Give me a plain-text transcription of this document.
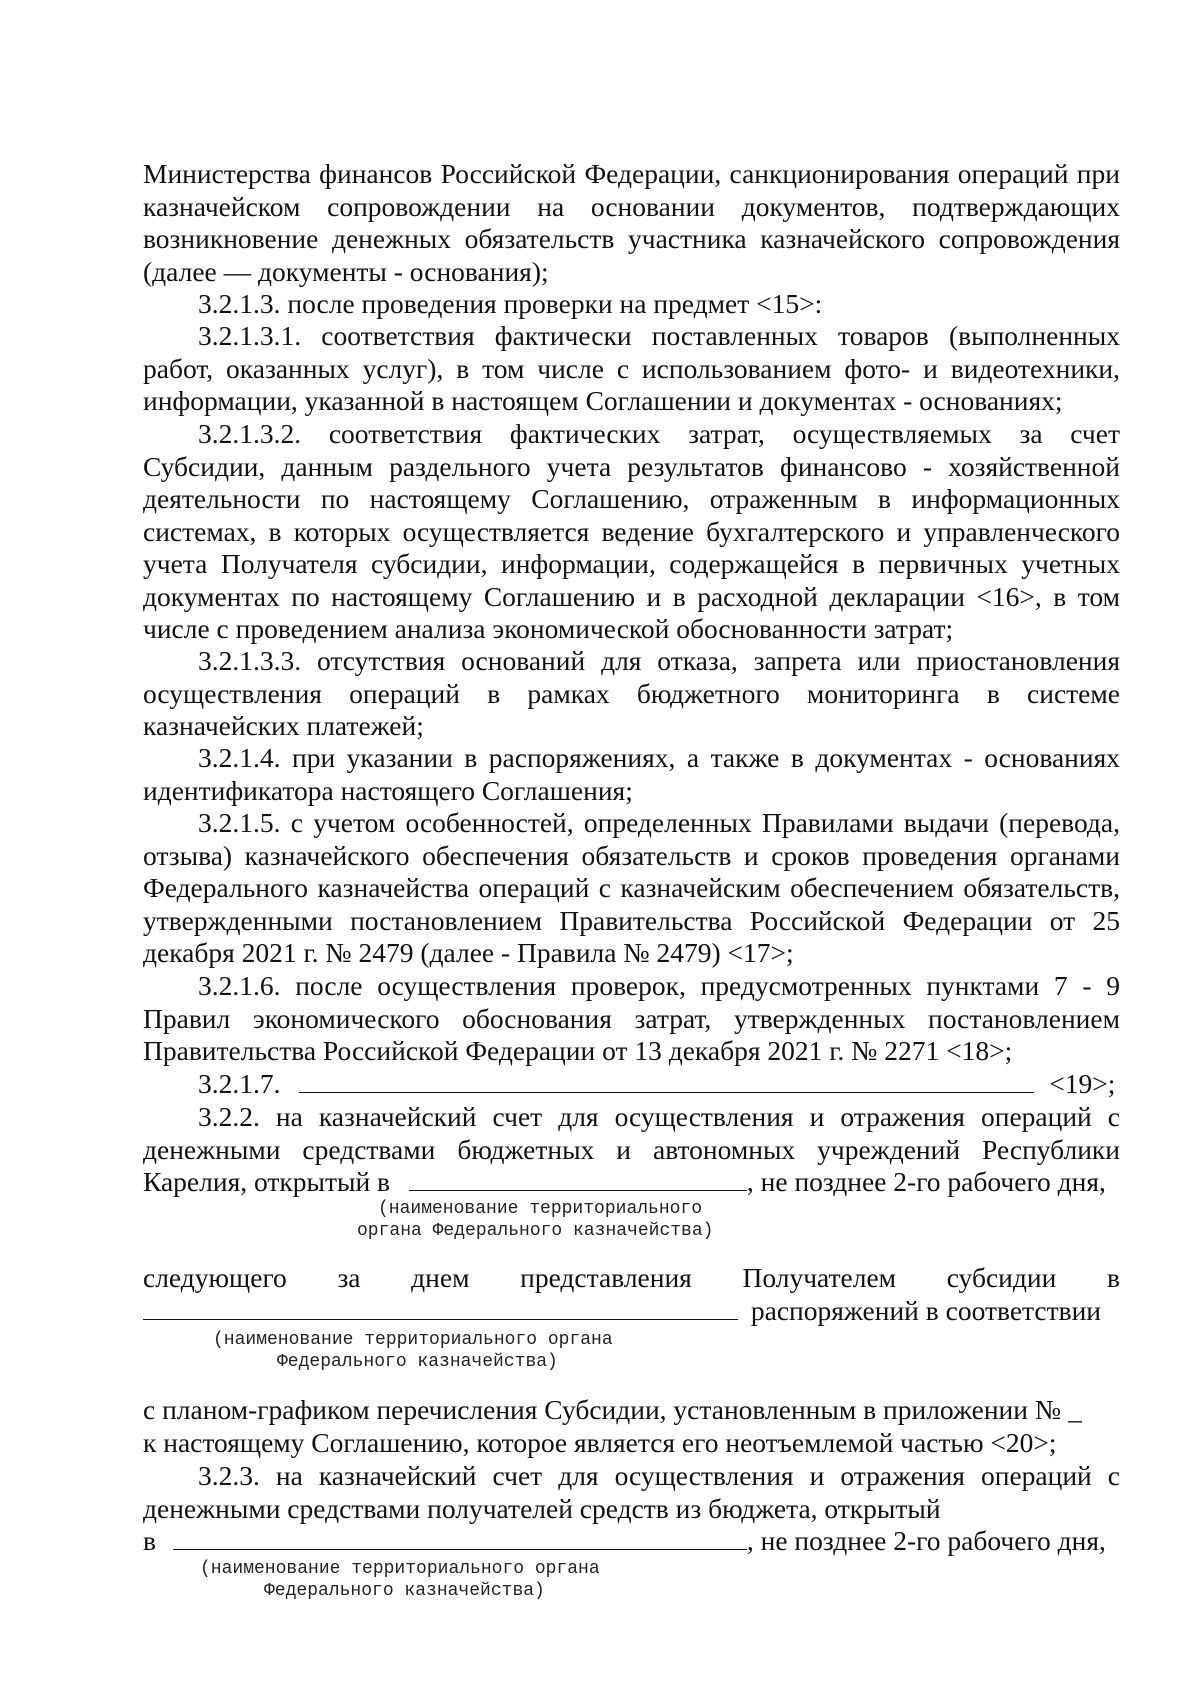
Министерства финансов Российской Федерации, санкционирования операций при казначейском сопровождении на основании документов, подтверждающих возникновение денежных обязательств участника казначейского сопровождения (далее — документы - основания);

3.2.1.3. после проведения проверки на предмет <15>:

3.2.1.3.1. соответствия фактически поставленных товаров (выполненных работ, оказанных услуг), в том числе с использованием фото- и видеотехники, информации, указанной в настоящем Соглашении и документах - основаниях;

3.2.1.3.2. соответствия фактических затрат, осуществляемых за счет Субсидии, данным раздельного учета результатов финансово - хозяйственной деятельности по настоящему Соглашению, отраженным в информационных системах, в которых осуществляется ведение бухгалтерского и управленческого учета Получателя субсидии, информации, содержащейся в первичных учетных документах по настоящему Соглашению и в расходной декларации <16>, в том числе с проведением анализа экономической обоснованности затрат;

3.2.1.3.3. отсутствия оснований для отказа, запрета или приостановления осуществления операций в рамках бюджетного мониторинга в системе казначейских платежей;

3.2.1.4. при указании в распоряжениях, а также в документах - основаниях идентификатора настоящего Соглашения;

3.2.1.5. с учетом особенностей, определенных Правилами выдачи (перевода, отзыва) казначейского обеспечения обязательств и сроков проведения органами Федерального казначейства операций с казначейским обеспечением обязательств, утвержденными постановлением Правительства Российской Федерации от 25 декабря 2021 г. № 2479 (далее - Правила № 2479) <17>;

3.2.1.6. после осуществления проверок, предусмотренных пунктами 7 - 9 Правил экономического обоснования затрат, утвержденных постановлением Правительства Российской Федерации от 13 декабря 2021 г. № 2271 <18>;

3.2.1.7.	<19>;

3.2.2. на казначейский счет для осуществления и отражения операций с денежными средствами бюджетных и автономных учреждений Республики

Карелия, открытый в	, не позднее 2-го рабочего дня,
(наименование территориального
органа Федерального казначейства)
следующего за днем представления Получателем субсидии в
распоряжений в соответствии
(наименование территориального органа
Федерального казначейства)
с планом-графиком перечисления Субсидии, установленным в приложении № _
к настоящему Соглашению, которое является его неотъемлемой частью <20>;

3.2.3. на казначейский счет для осуществления и отражения операций с денежными средствами получателей средств из бюджета, открытый

в	, не позднее 2-го рабочего дня,
(наименование территориального органа
Федерального казначейства)
